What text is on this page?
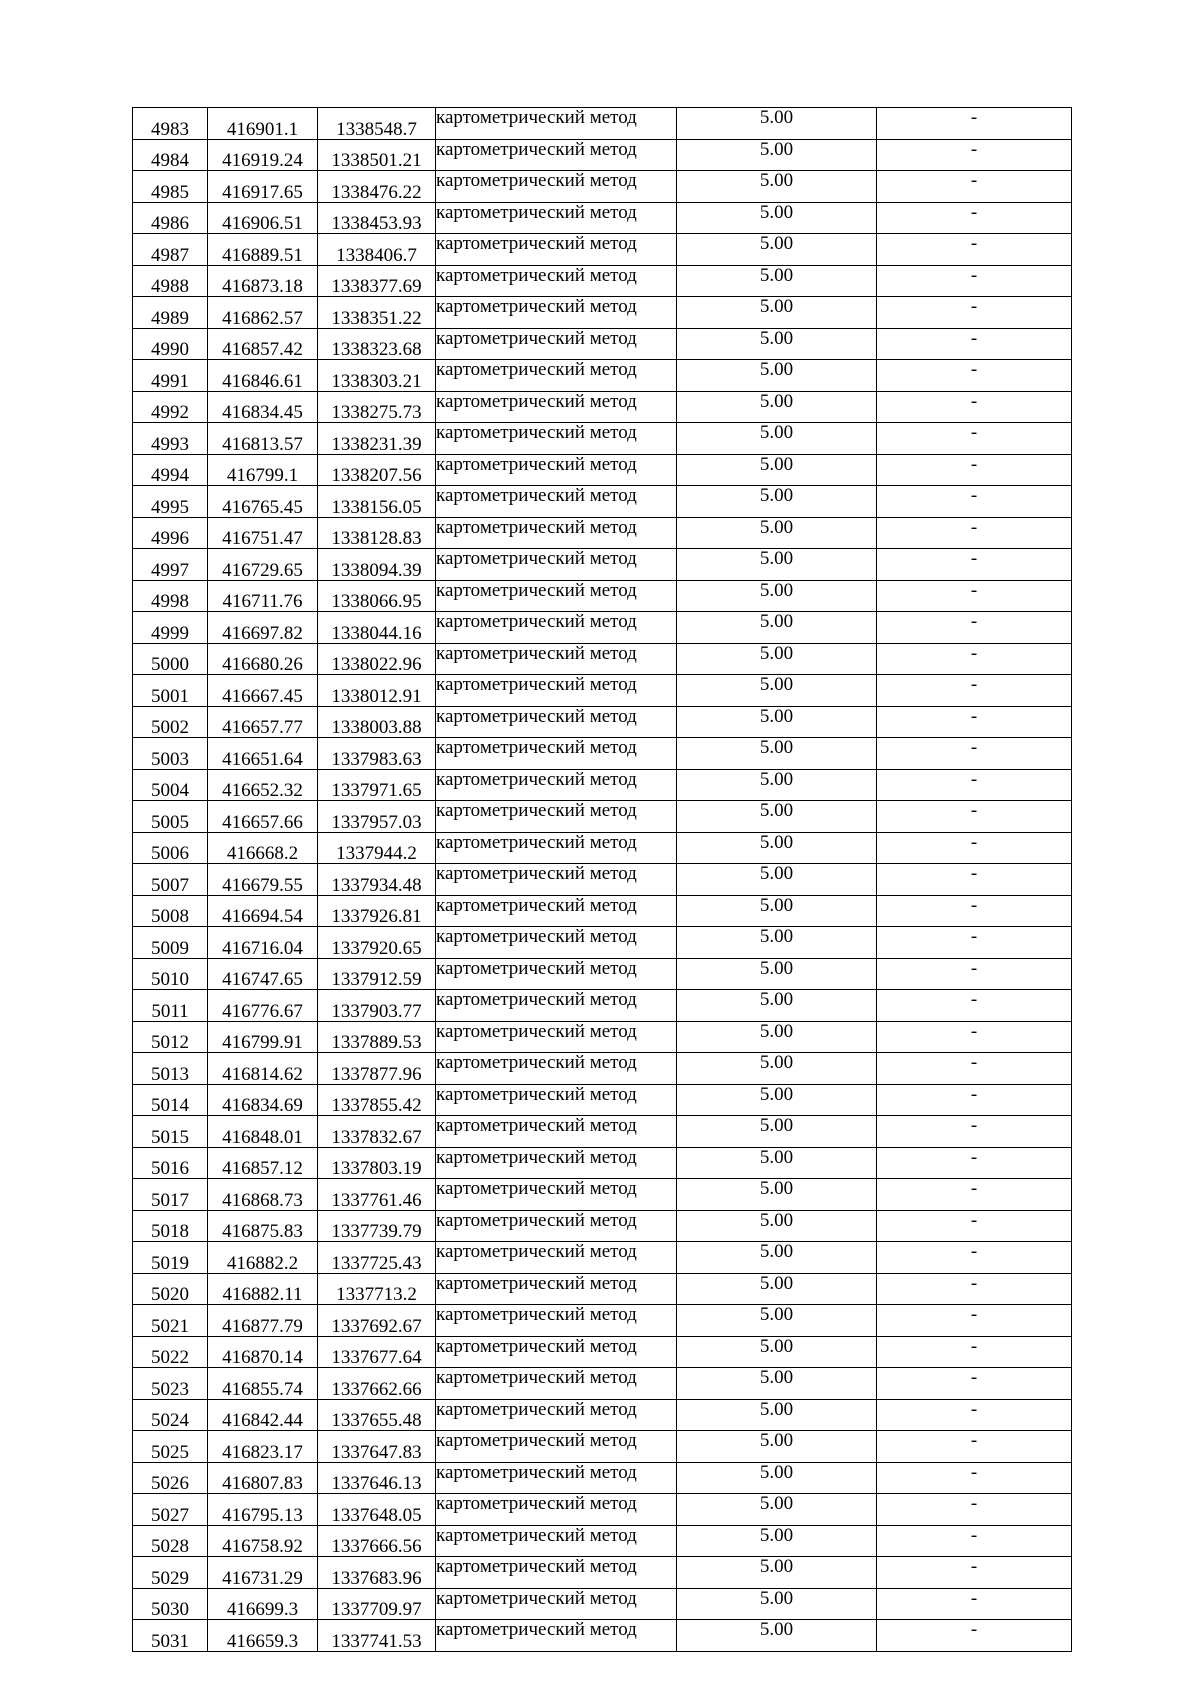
4983	416901.1	1338548.7	картометрический метод	5.00	-
4984	416919.24	1338501.21	картометрический метод	5.00	-
4985	416917.65	1338476.22	картометрический метод	5.00	-
4986	416906.51	1338453.93	картометрический метод	5.00	-
4987	416889.51	1338406.7	картометрический метод	5.00	-
4988	416873.18	1338377.69	картометрический метод	5.00	-
4989	416862.57	1338351.22	картометрический метод	5.00	-
4990	416857.42	1338323.68	картометрический метод	5.00	-
4991	416846.61	1338303.21	картометрический метод	5.00	-
4992	416834.45	1338275.73	картометрический метод	5.00	-
4993	416813.57	1338231.39	картометрический метод	5.00	-
4994	416799.1	1338207.56	картометрический метод	5.00	-
4995	416765.45	1338156.05	картометрический метод	5.00	-
4996	416751.47	1338128.83	картометрический метод	5.00	-
4997	416729.65	1338094.39	картометрический метод	5.00	-
4998	416711.76	1338066.95	картометрический метод	5.00	-
4999	416697.82	1338044.16	картометрический метод	5.00	-
5000	416680.26	1338022.96	картометрический метод	5.00	-
5001	416667.45	1338012.91	картометрический метод	5.00	-
5002	416657.77	1338003.88	картометрический метод	5.00	-
5003	416651.64	1337983.63	картометрический метод	5.00	-
5004	416652.32	1337971.65	картометрический метод	5.00	-
5005	416657.66	1337957.03	картометрический метод	5.00	-
5006	416668.2	1337944.2	картометрический метод	5.00	-
5007	416679.55	1337934.48	картометрический метод	5.00	-
5008	416694.54	1337926.81	картометрический метод	5.00	-
5009	416716.04	1337920.65	картометрический метод	5.00	-
5010	416747.65	1337912.59	картометрический метод	5.00	-
5011	416776.67	1337903.77	картометрический метод	5.00	-
5012	416799.91	1337889.53	картометрический метод	5.00	-
5013	416814.62	1337877.96	картометрический метод	5.00	-
5014	416834.69	1337855.42	картометрический метод	5.00	-
5015	416848.01	1337832.67	картометрический метод	5.00	-
5016	416857.12	1337803.19	картометрический метод	5.00	-
5017	416868.73	1337761.46	картометрический метод	5.00	-
5018	416875.83	1337739.79	картометрический метод	5.00	-
5019	416882.2	1337725.43	картометрический метод	5.00	-
5020	416882.11	1337713.2	картометрический метод	5.00	-
5021	416877.79	1337692.67	картометрический метод	5.00	-
5022	416870.14	1337677.64	картометрический метод	5.00	-
5023	416855.74	1337662.66	картометрический метод	5.00	-
5024	416842.44	1337655.48	картометрический метод	5.00	-
5025	416823.17	1337647.83	картометрический метод	5.00	-
5026	416807.83	1337646.13	картометрический метод	5.00	-
5027	416795.13	1337648.05	картометрический метод	5.00	-
5028	416758.92	1337666.56	картометрический метод	5.00	-
5029	416731.29	1337683.96	картометрический метод	5.00	-
5030	416699.3	1337709.97	картометрический метод	5.00	-
5031	416659.3	1337741.53	картометрический метод	5.00	-
